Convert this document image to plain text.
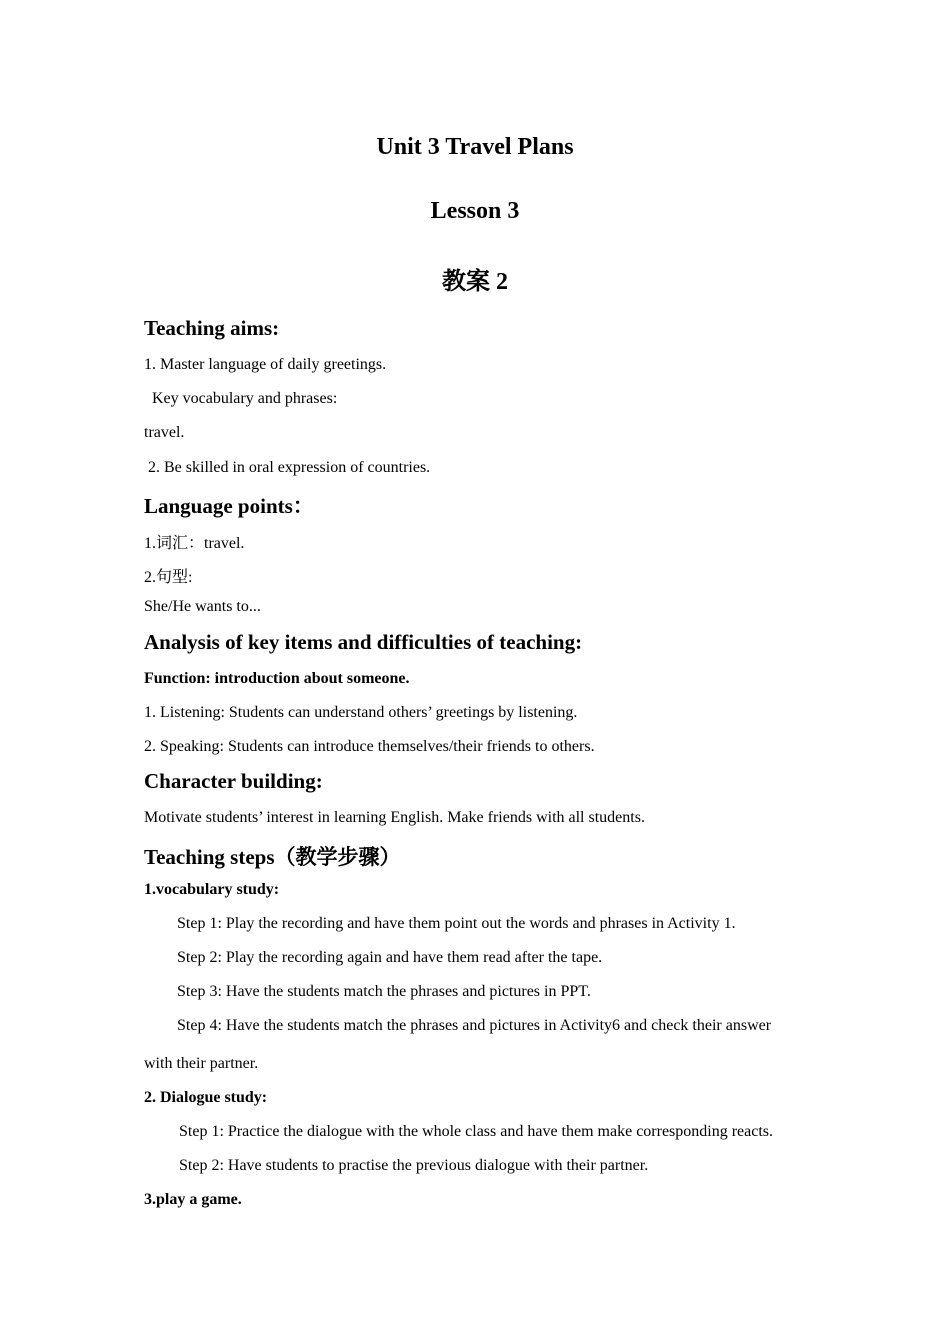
Unit 3 Travel Plans
Lesson 3
教案 2
Teaching aims:
1. Master language of daily greetings.
Key vocabulary and phrases:
travel.
2. Be skilled in oral expression of countries.
Language points：
1.词汇：travel.
2.句型:
She/He wants to...
Analysis of key items and difficulties of teaching:
Function: introduction about someone.
1. Listening: Students can understand others’ greetings by listening.
2. Speaking: Students can introduce themselves/their friends to others.
Character building:
Motivate students’ interest in learning English. Make friends with all students.
Teaching steps（教学步骤）
1.vocabulary study:
Step 1: Play the recording and have them point out the words and phrases in Activity 1.
Step 2: Play the recording again and have them read after the tape.
Step 3: Have the students match the phrases and pictures in PPT.
Step 4: Have the students match the phrases and pictures in Activity6 and check their answer
with their partner.
2. Dialogue study:
Step 1: Practice the dialogue with the whole class and have them make corresponding reacts.
Step 2: Have students to practise the previous dialogue with their partner.
3.play a game.
